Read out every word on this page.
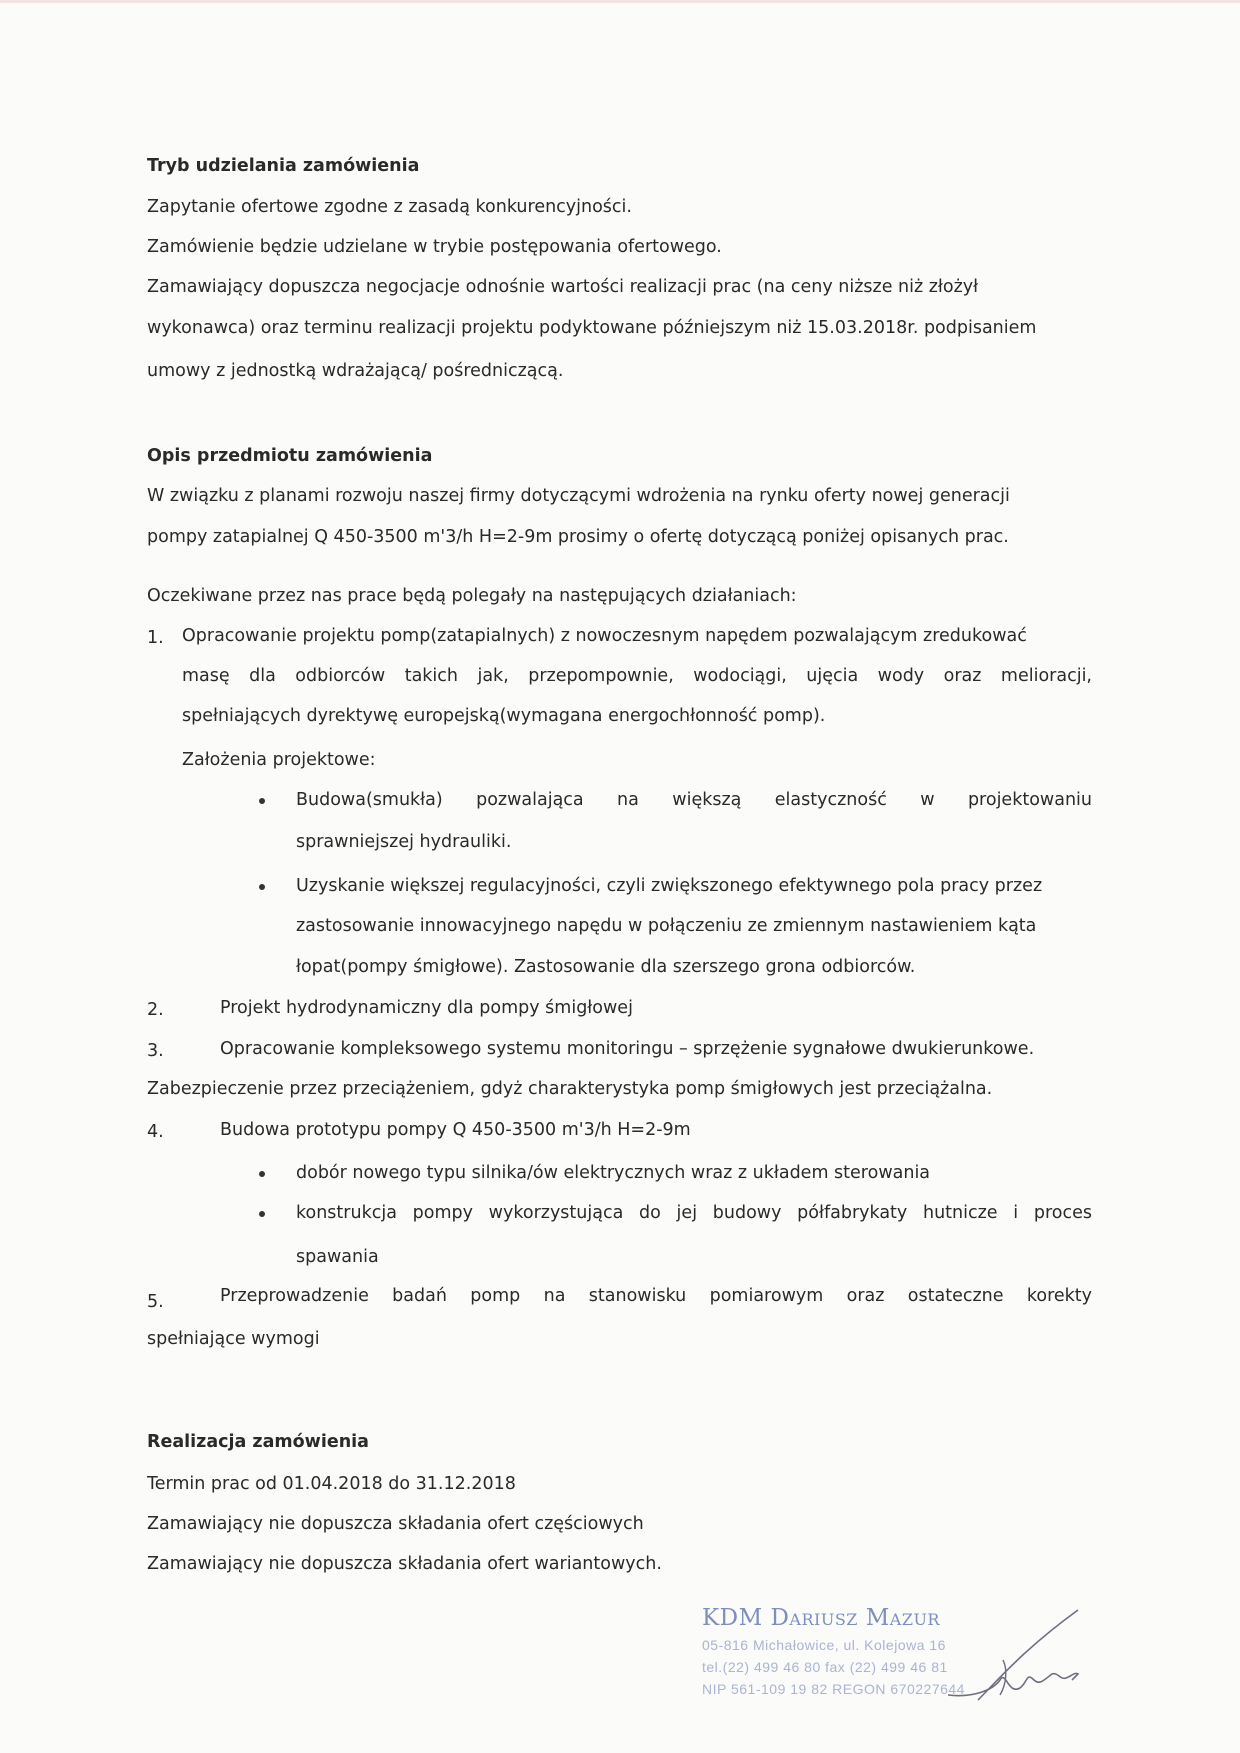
Tryb udzielania zamówienia
Zapytanie ofertowe zgodne z zasadą konkurencyjności.
Zamówienie będzie udzielane w trybie postępowania ofertowego.
Zamawiający dopuszcza negocjacje odnośnie wartości realizacji prac (na ceny niższe niż złożył
wykonawca) oraz terminu realizacji projektu podyktowane późniejszym niż 15.03.2018r. podpisaniem
umowy z jednostką wdrażającą/ pośredniczącą.
Opis przedmiotu zamówienia
W związku z planami rozwoju naszej firmy dotyczącymi wdrożenia na rynku oferty nowej generacji
pompy zatapialnej Q 450-3500 m'3/h H=2-9m prosimy o ofertę dotyczącą poniżej opisanych prac.
Oczekiwane przez nas prace będą polegały na następujących działaniach:
1. Opracowanie projektu pomp(zatapialnych) z nowoczesnym napędem pozwalającym zredukować
masę dla odbiorców takich jak, przepompownie, wodociągi, ujęcia wody oraz melioracji,
spełniających dyrektywę europejską(wymagana energochłonność pomp).
Założenia projektowe:
Budowa(smukła) pozwalająca na większą elastyczność w projektowaniu
sprawniejszej hydrauliki.
Uzyskanie większej regulacyjności, czyli zwiększonego efektywnego pola pracy przez
zastosowanie innowacyjnego napędu w połączeniu ze zmiennym nastawieniem kąta
łopat(pompy śmigłowe). Zastosowanie dla szerszego grona odbiorców.
2.	Projekt hydrodynamiczny dla pompy śmigłowej
3.	Opracowanie kompleksowego systemu monitoringu – sprzężenie sygnałowe dwukierunkowe.
Zabezpieczenie przez przeciążeniem, gdyż charakterystyka pomp śmigłowych jest przeciążalna.
4.	Budowa prototypu pompy Q 450-3500 m'3/h H=2-9m
dobór nowego typu silnika/ów elektrycznych wraz z układem sterowania
konstrukcja pompy wykorzystująca do jej budowy półfabrykaty hutnicze i proces
spawania
5.	Przeprowadzenie badań pomp na stanowisku pomiarowym oraz ostateczne korekty
spełniające wymogi
Realizacja zamówienia
Termin prac od 01.04.2018 do 31.12.2018
Zamawiający nie dopuszcza składania ofert częściowych
Zamawiający nie dopuszcza składania ofert wariantowych.
KDM Dariusz Mazur
05-816 Michałowice, ul. Kolejowa 16
tel.(22) 499 46 80 fax (22) 499 46 81
NIP 561-109 19 82 REGON 670227644
